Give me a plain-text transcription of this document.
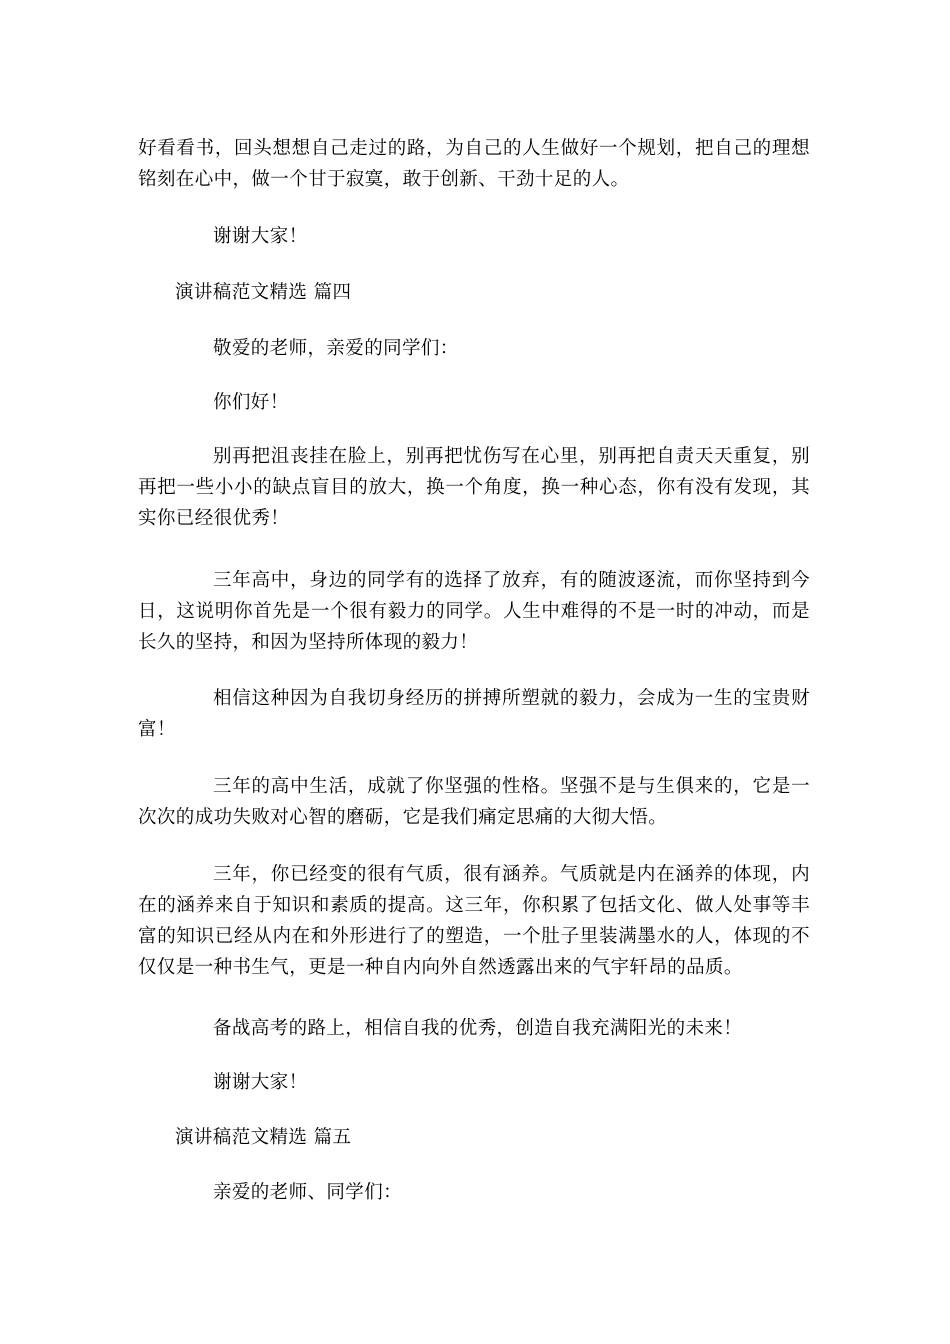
好看看书，回头想想自己走过的路，为自己的人生做好一个规划，把自己的理想铭刻在心中，做一个甘于寂寞，敢于创新、干劲十足的人。

谢谢大家！

演讲稿范文精选 篇四

敬爱的老师，亲爱的同学们：

你们好！

别再把沮丧挂在脸上，别再把忧伤写在心里，别再把自责天天重复，别再把一些小小的缺点盲目的放大，换一个角度，换一种心态，你有没有发现，其实你已经很优秀！

三年高中，身边的同学有的选择了放弃，有的随波逐流，而你坚持到今日，这说明你首先是一个很有毅力的同学。人生中难得的不是一时的冲动，而是长久的坚持，和因为坚持所体现的毅力！

相信这种因为自我切身经历的拼搏所塑就的毅力，会成为一生的宝贵财富！

三年的高中生活，成就了你坚强的性格。坚强不是与生俱来的，它是一次次的成功失败对心智的磨砺，它是我们痛定思痛的大彻大悟。

三年，你已经变的很有气质，很有涵养。气质就是内在涵养的体现，内在的涵养来自于知识和素质的提高。这三年，你积累了包括文化、做人处事等丰富的知识已经从内在和外形进行了的塑造，一个肚子里装满墨水的人，体现的不仅仅是一种书生气，更是一种自内向外自然透露出来的气宇轩昂的品质。

备战高考的路上，相信自我的优秀，创造自我充满阳光的未来！

谢谢大家！

演讲稿范文精选 篇五

亲爱的老师、同学们：
